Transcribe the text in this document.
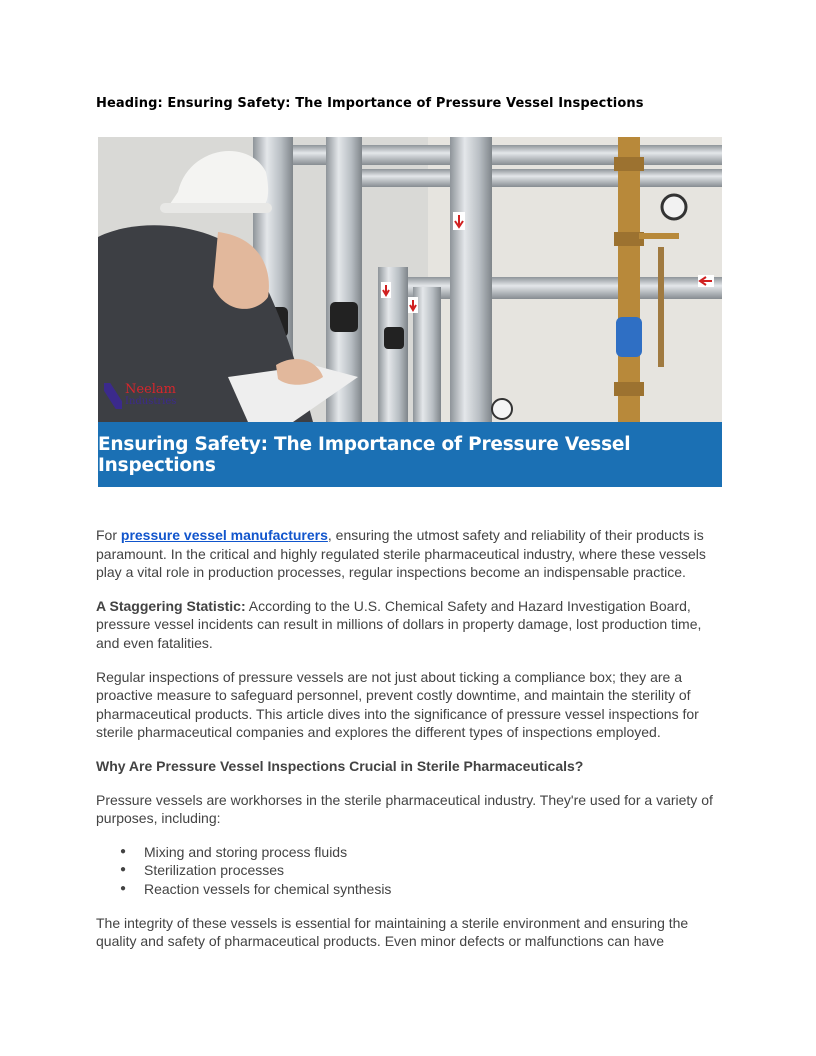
Heading: Ensuring Safety: The Importance of Pressure Vessel Inspections
Neelam
Industries
Ensuring Safety: The Importance of Pressure Vessel Inspections

For pressure vessel manufacturers, ensuring the utmost safety and reliability of their products is paramount. In the critical and highly regulated sterile pharmaceutical industry, where these vessels play a vital role in production processes, regular inspections become an indispensable practice.

A Staggering Statistic: According to the U.S. Chemical Safety and Hazard Investigation Board, pressure vessel incidents can result in millions of dollars in property damage, lost production time, and even fatalities.

Regular inspections of pressure vessels are not just about ticking a compliance box; they are a proactive measure to safeguard personnel, prevent costly downtime, and maintain the sterility of pharmaceutical products. This article dives into the significance of pressure vessel inspections for sterile pharmaceutical companies and explores the different types of inspections employed.

Why Are Pressure Vessel Inspections Crucial in Sterile Pharmaceuticals?

Pressure vessels are workhorses in the sterile pharmaceutical industry. They're used for a variety of purposes, including:

● Mixing and storing process fluids
● Sterilization processes
● Reaction vessels for chemical synthesis

The integrity of these vessels is essential for maintaining a sterile environment and ensuring the quality and safety of pharmaceutical products. Even minor defects or malfunctions can have
